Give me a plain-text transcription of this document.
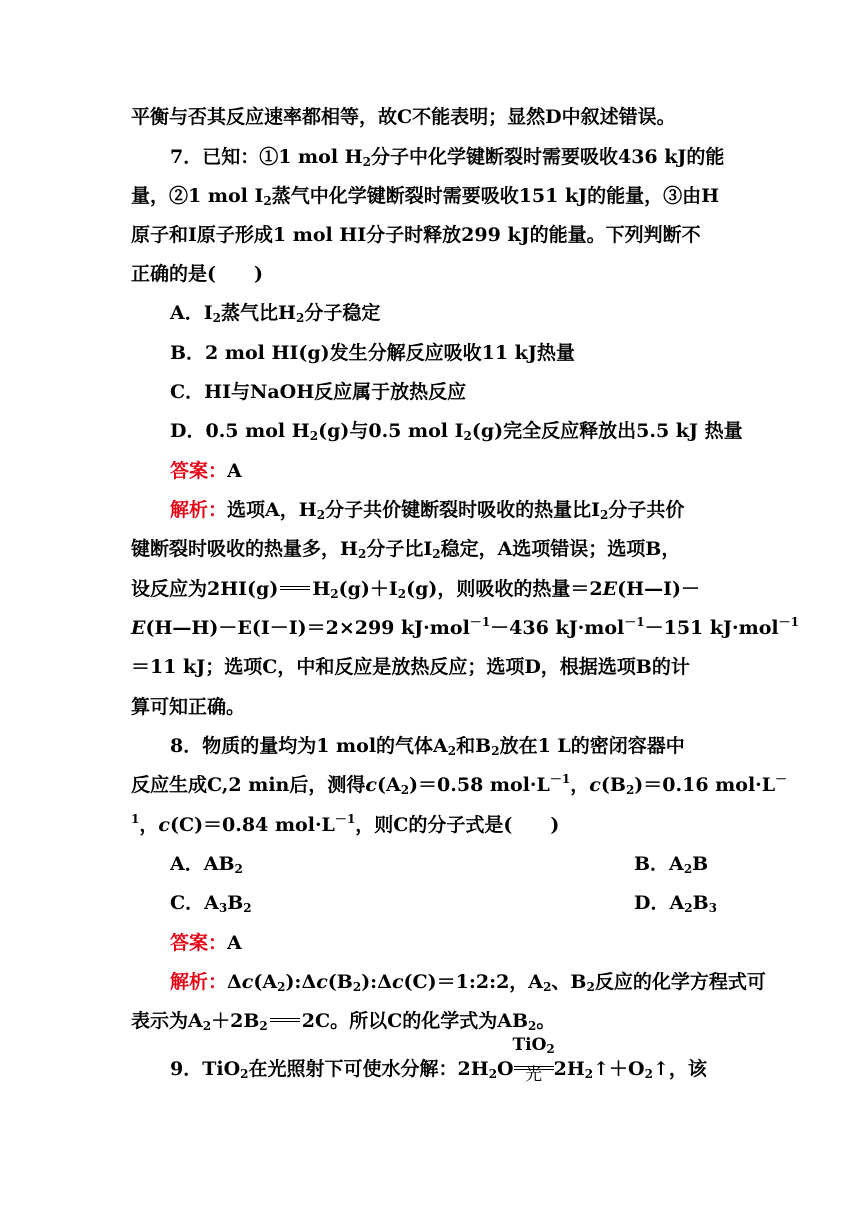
平衡与否其反应速率都相等，故C不能表明；显然D中叙述错误。
7．已知：①1 mol $H_2$分子中化学键断裂时需要吸收436 kJ的能
量，②1 mol $I_2$蒸气中化学键断裂时需要吸收151 kJ的能量，③由H
原子和I原子形成1 mol HI分子时释放299 kJ的能量。下列判断不
正确的是(　　)
A．$I_2$蒸气比$H_2$分子稳定
B．2 mol HI(g)发生分解反应吸收11 kJ热量
C．HI与NaOH反应属于放热反应
D．0.5 mol $H_2(g)$与0.5 mol $I_2(g)$完全反应释放出5.5 kJ 热量
答案：A
解析：选项A，$H_2$分子共价键断裂时吸收的热量比$I_2$分子共价
键断裂时吸收的热量多，$H_2$分子比$I_2$稳定，A选项错误；选项B，
设反应为2HI(g) $H_2(g)+I_2(g)$，则吸收的热量＝2E(H—I)－
E(H—H)－E(I－I)＝2×299 kJ·mol$^{-1}$－436 kJ·mol$^{-1}$－151 kJ·mol$^{-1}$
＝11 kJ；选项C，中和反应是放热反应；选项D，根据选项B的计
算可知正确。
8．物质的量均为1 mol的气体$A_2$和$B_2$放在1 L的密闭容器中
反应生成C,2 min后，测得$c(A_2)=0.58$ $mol\cdot L^{-1}$，$c(B_2)=0.16$ mol·L－
$^1$，c(C)＝0.84 $mol\cdot L^{-1}$，则C的分子式是(　　)
A．$AB_2$	B．$A_2B$
C．$A_3B_2$	D．$A_2B_3$
答案：A
解析：$\Delta c(A_2):\Delta c(B_2):\Delta c(C)=1:2:2$，$A_2$、$B_2$反应的化学方程式可
表示为$A_2+2B_2$ 2C。所以C的化学式为$AB_2$。
9．TiO$_2$在光照射下可使水分解：$2H_2O \frac{TiO_2}{\text{光}}$ $2H_2↑+O_2↑$，该
